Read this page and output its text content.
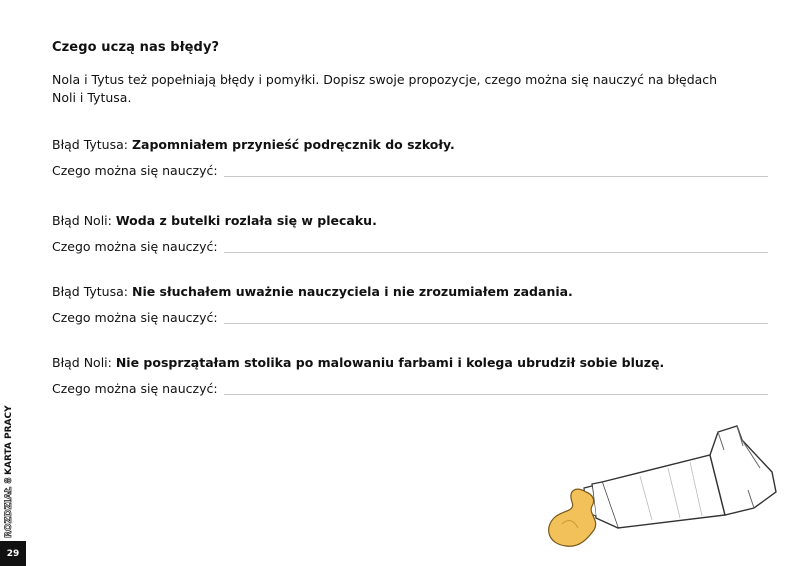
Czego uczą nas błędy?
Nola i Tytus też popełniają błędy i pomyłki. Dopisz swoje propozycje, czego można się nauczyć na błędach Noli i Tytusa.
Błąd Tytusa: Zapomniałem przynieść podręcznik do szkoły.
Czego można się nauczyć:
Błąd Noli: Woda z butelki rozlała się w plecaku.
Czego można się nauczyć:
Błąd Tytusa: Nie słuchałem uważnie nauczyciela i nie zrozumiałem zadania.
Czego można się nauczyć:
Błąd Noli: Nie posprzątałam stolika po malowaniu farbami i kolega ubrudził sobie bluzę.
Czego można się nauczyć:
ROZDZIAŁ 8
KARTA PRACY
29
